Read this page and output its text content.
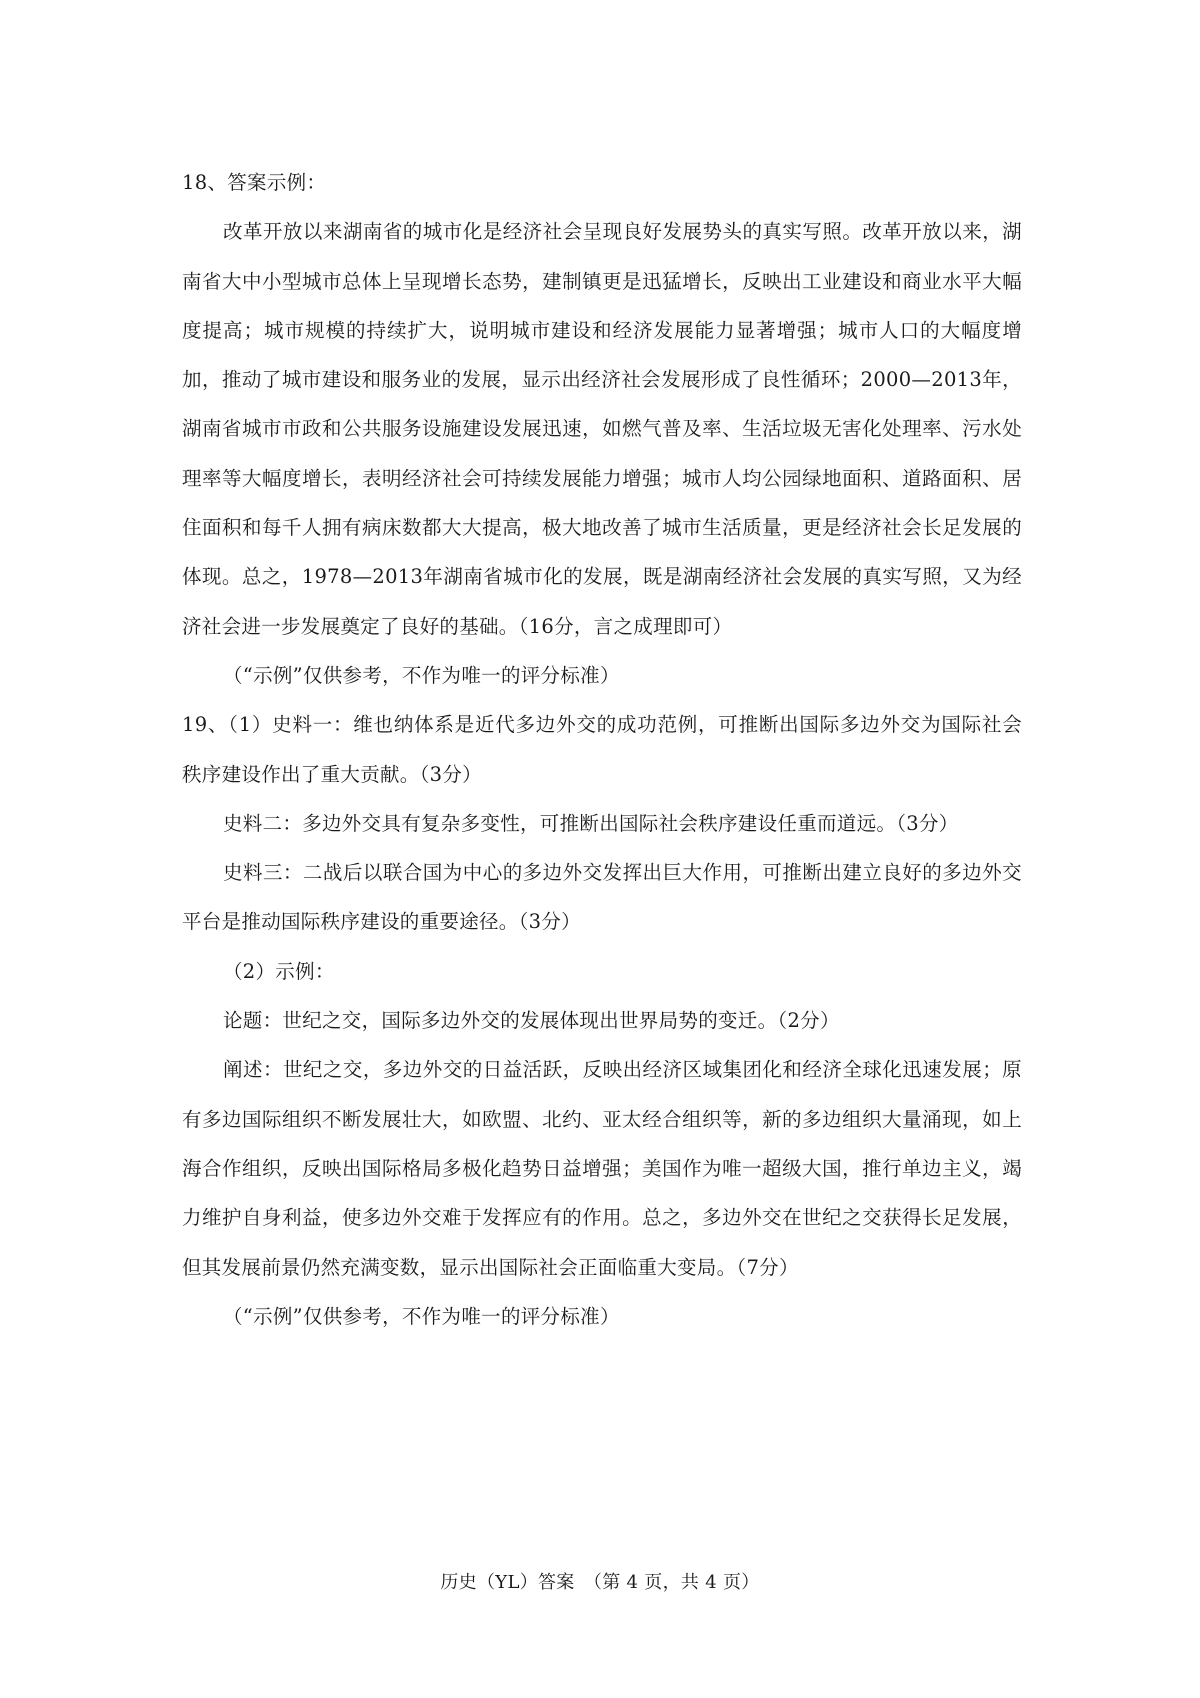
18、答案示例：

改革开放以来湖南省的城市化是经济社会呈现良好发展势头的真实写照。改革开放以来，湖南省大中小型城市总体上呈现增长态势，建制镇更是迅猛增长，反映出工业建设和商业水平大幅度提高；城市规模的持续扩大，说明城市建设和经济发展能力显著增强；城市人口的大幅度增加，推动了城市建设和服务业的发展，显示出经济社会发展形成了良性循环；2000—2013年，湖南省城市市政和公共服务设施建设发展迅速，如燃气普及率、生活垃圾无害化处理率、污水处理率等大幅度增长，表明经济社会可持续发展能力增强；城市人均公园绿地面积、道路面积、居住面积和每千人拥有病床数都大大提高，极大地改善了城市生活质量，更是经济社会长足发展的体现。总之，1978—2013年湖南省城市化的发展，既是湖南经济社会发展的真实写照，又为经济社会进一步发展奠定了良好的基础。（16分，言之成理即可）

（“示例”仅供参考，不作为唯一的评分标准）

19、（1）史料一：维也纳体系是近代多边外交的成功范例，可推断出国际多边外交为国际社会秩序建设作出了重大贡献。（3分）

史料二：多边外交具有复杂多变性，可推断出国际社会秩序建设任重而道远。（3分）

史料三：二战后以联合国为中心的多边外交发挥出巨大作用，可推断出建立良好的多边外交平台是推动国际秩序建设的重要途径。（3分）

（2）示例：

论题：世纪之交，国际多边外交的发展体现出世界局势的变迁。（2分）

阐述：世纪之交，多边外交的日益活跃，反映出经济区域集团化和经济全球化迅速发展；原有多边国际组织不断发展壮大，如欧盟、北约、亚太经合组织等，新的多边组织大量涌现，如上海合作组织，反映出国际格局多极化趋势日益增强；美国作为唯一超级大国，推行单边主义，竭力维护自身利益，使多边外交难于发挥应有的作用。总之，多边外交在世纪之交获得长足发展，但其发展前景仍然充满变数，显示出国际社会正面临重大变局。（7分）

（“示例”仅供参考，不作为唯一的评分标准）

历史（YL）答案　（第 4 页，共 4 页）
